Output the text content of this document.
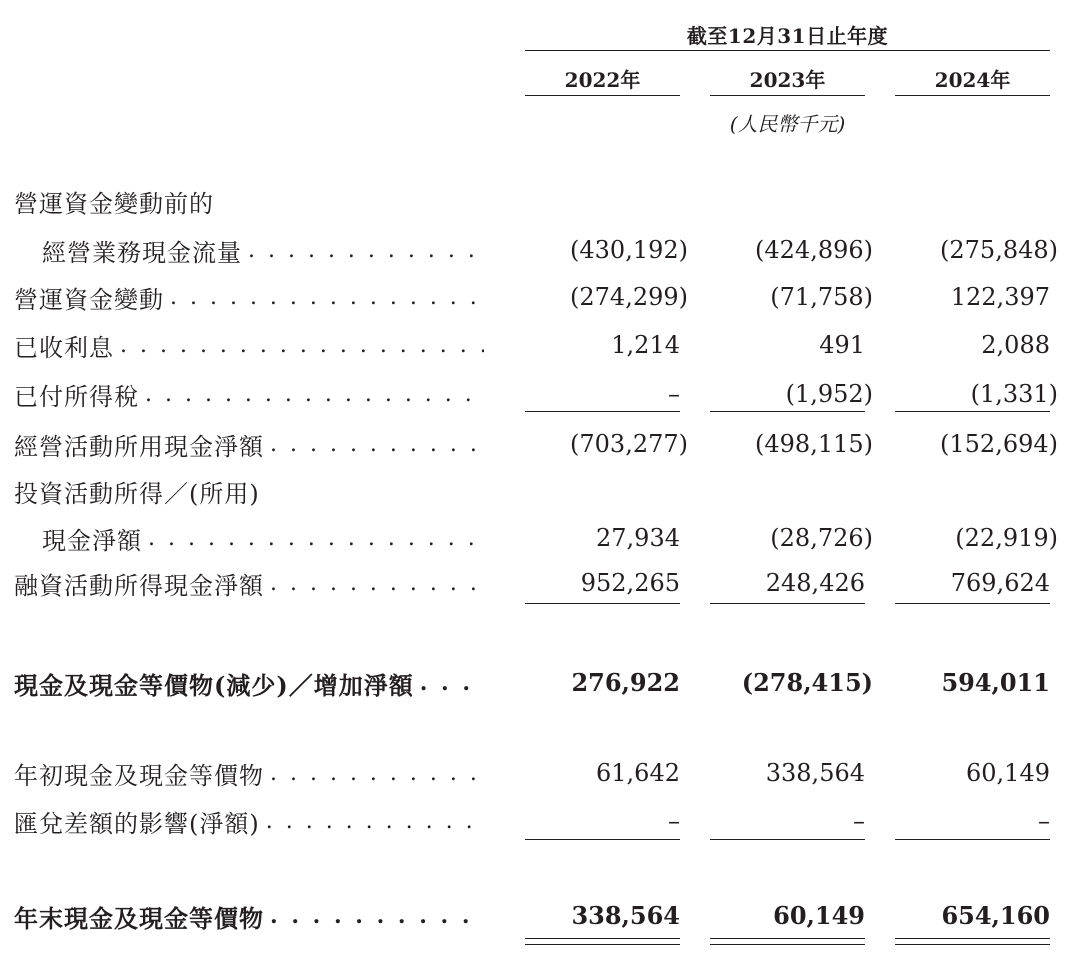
截至12月31日止年度
2022年	2023年	2024年
(人民幣千元)
營運資金變動前的
經營業務現金流量 . . .	(430,192)	(424,896)	(275,848)
營運資金變動 . . .	(274,299)	(71,758)	122,397
已收利息 . . .	1,214	491	2,088
已付所得稅 . . .	–	(1,952)	(1,331)
經營活動所用現金淨額 . . .	(703,277)	(498,115)	(152,694)
投資活動所得／(所用)
現金淨額 . . .	27,934	(28,726)	(22,919)
融資活動所得現金淨額 . . .	952,265	248,426	769,624
現金及現金等價物(減少)／增加淨額 . . .	276,922	(278,415)	594,011
年初現金及現金等價物 . . .	61,642	338,564	60,149
匯兌差額的影響(淨額) . . .	–	–	–
年末現金及現金等價物 . . .	338,564	60,149	654,160
